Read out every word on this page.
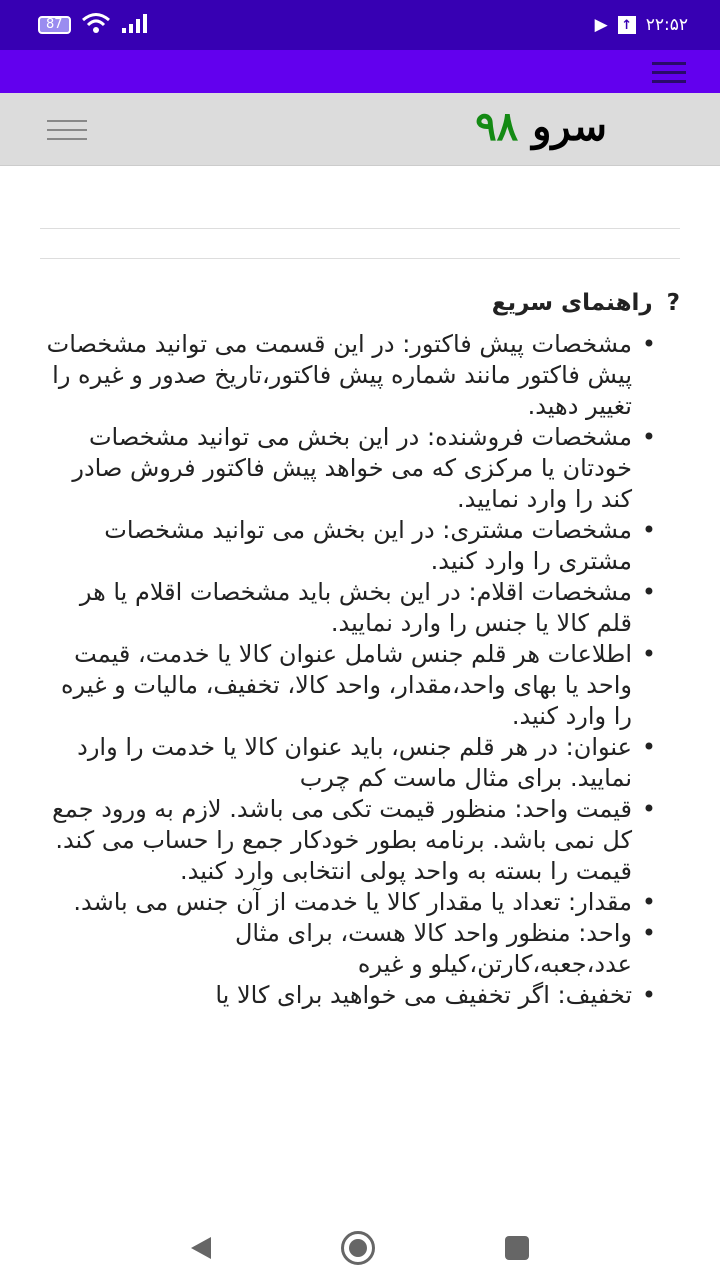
87	▶ ↑ ۲۲:۵۲
سرو ۹۸
?
راهنمای سریع
• مشخصات پیش فاکتور: در این قسمت می توانید مشخصات پیش فاکتور مانند شماره پیش فاکتور،تاریخ صدور و غیره را تغییر دهید.
• مشخصات فروشنده: در این بخش می توانید مشخصات خودتان یا مرکزی که می خواهد پیش فاکتور فروش صادر کند را وارد نمایید.
• مشخصات مشتری: در این بخش می توانید مشخصات مشتری را وارد کنید.
• مشخصات اقلام: در این بخش باید مشخصات اقلام یا هر قلم کالا یا جنس را وارد نمایید.
• اطلاعات هر قلم جنس شامل عنوان کالا یا خدمت، قیمت واحد یا بهای واحد،مقدار، واحد کالا، تخفیف، مالیات و غیره را وارد کنید.
• عنوان: در هر قلم جنس، باید عنوان کالا یا خدمت را وارد نمایید. برای مثال ماست کم چرب
• قیمت واحد: منظور قیمت تکی می باشد. لازم به ورود جمع کل نمی باشد. برنامه بطور خودکار جمع را حساب می کند. قیمت را بسته به واحد پولی انتخابی وارد کنید.
• مقدار: تعداد یا مقدار کالا یا خدمت از آن جنس می باشد.
• واحد: منظور واحد کالا هست، برای مثال عدد،جعبه،کارتن،کیلو و غیره
• تخفیف: اگر تخفیف می خواهید برای کالا یا
